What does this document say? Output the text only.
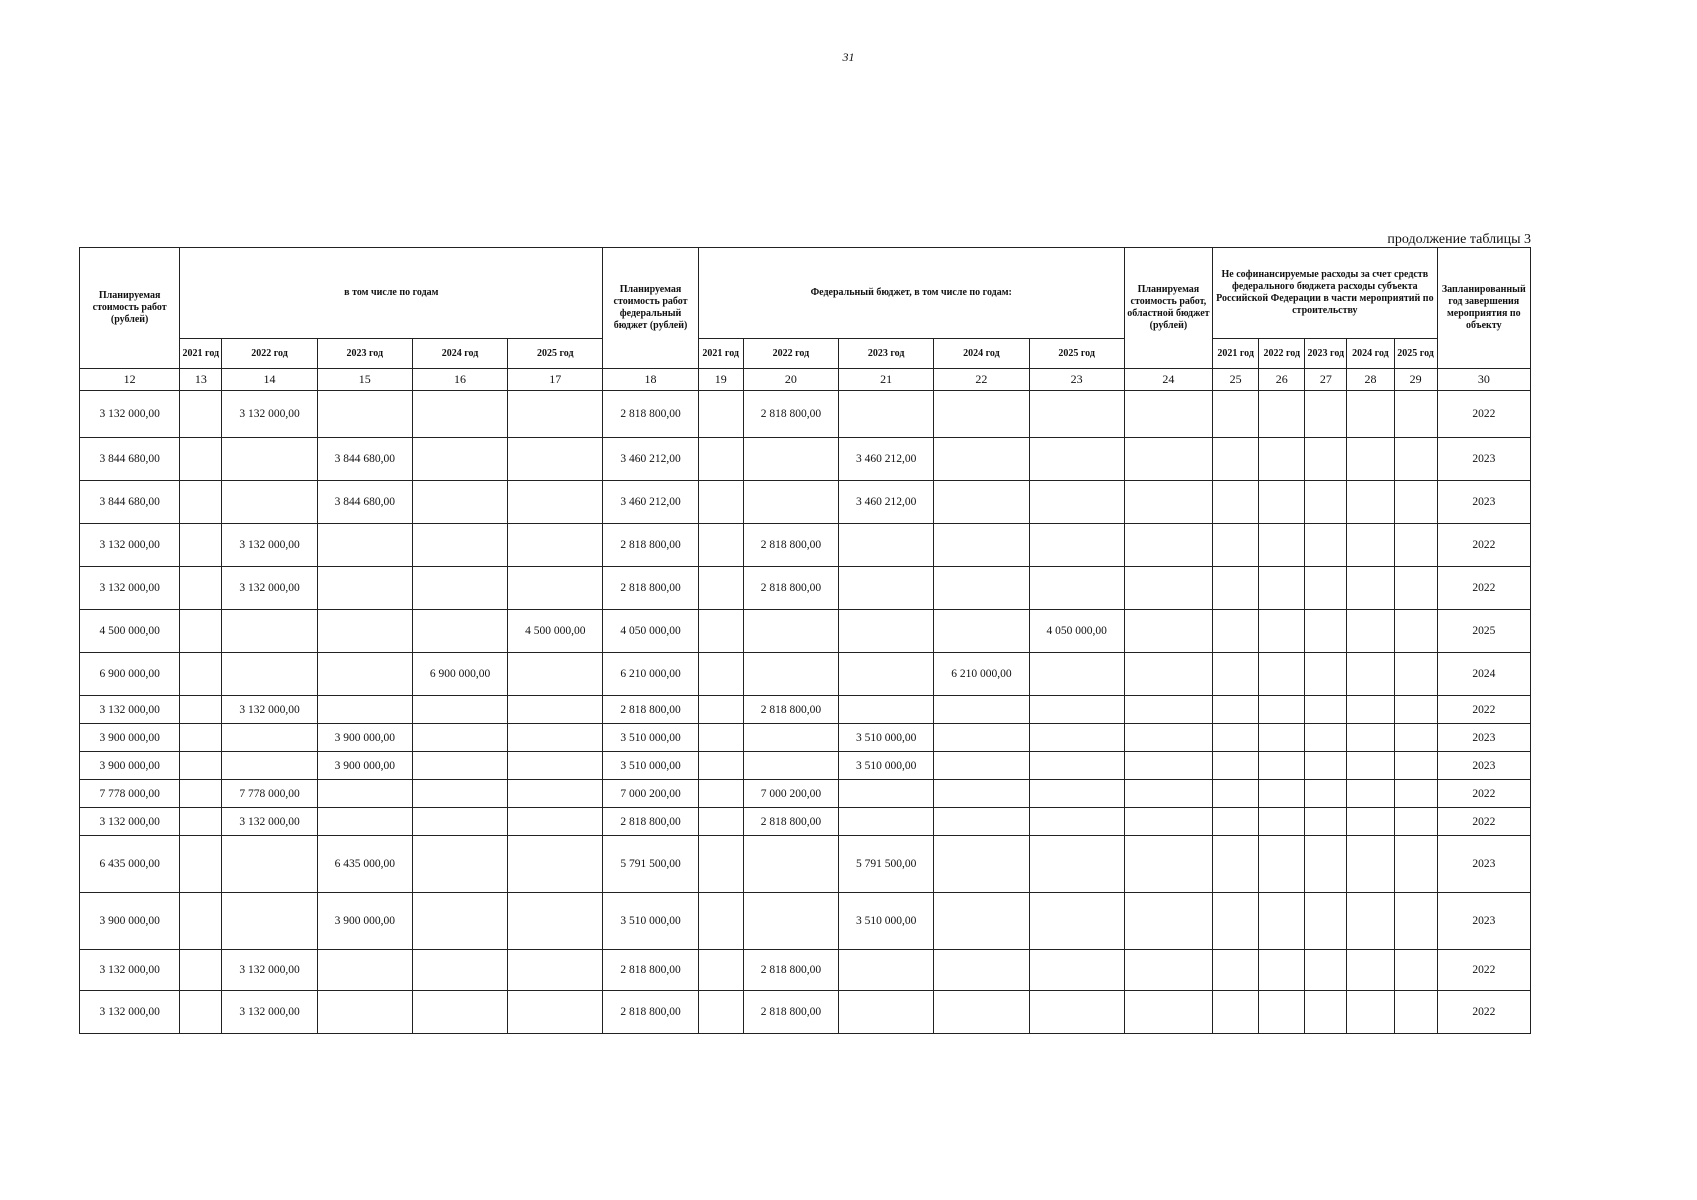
31
продолжение таблицы 3
Планируемая стоимость работ (рублей)	в том числе по годам					Планируемая стоимость работ федеральный бюджет (рублей)	Федеральный бюджет, в том числе по годам:					Планируемая стоимость работ, областной бюджет (рублей)	Не софинансируемые расходы за счет средств федерального бюджета расходы субъекта Российской Федерации в части мероприятий по строительству					Запланированный год завершения мероприятия по объекту
	2021 год	2022 год	2023 год	2024 год	2025 год		2021 год	2022 год	2023 год	2024 год	2025 год		2021 год	2022 год	2023 год	2024 год	2025 год	
12	13	14	15	16	17	18	19	20	21	22	23	24	25	26	27	28	29	30
3 132 000,00		3 132 000,00				2 818 800,00		2 818 800,00										2022
3 844 680,00			3 844 680,00			3 460 212,00			3 460 212,00									2023
3 844 680,00			3 844 680,00			3 460 212,00			3 460 212,00									2023
3 132 000,00		3 132 000,00				2 818 800,00		2 818 800,00										2022
3 132 000,00		3 132 000,00				2 818 800,00		2 818 800,00										2022
4 500 000,00					4 500 000,00	4 050 000,00					4 050 000,00							2025
6 900 000,00				6 900 000,00		6 210 000,00				6 210 000,00								2024
3 132 000,00		3 132 000,00				2 818 800,00		2 818 800,00										2022
3 900 000,00			3 900 000,00			3 510 000,00			3 510 000,00									2023
3 900 000,00			3 900 000,00			3 510 000,00			3 510 000,00									2023
7 778 000,00		7 778 000,00				7 000 200,00		7 000 200,00										2022
3 132 000,00		3 132 000,00				2 818 800,00		2 818 800,00										2022
6 435 000,00			6 435 000,00			5 791 500,00			5 791 500,00									2023
3 900 000,00			3 900 000,00			3 510 000,00			3 510 000,00									2023
3 132 000,00		3 132 000,00				2 818 800,00		2 818 800,00										2022
3 132 000,00		3 132 000,00				2 818 800,00		2 818 800,00										2022
